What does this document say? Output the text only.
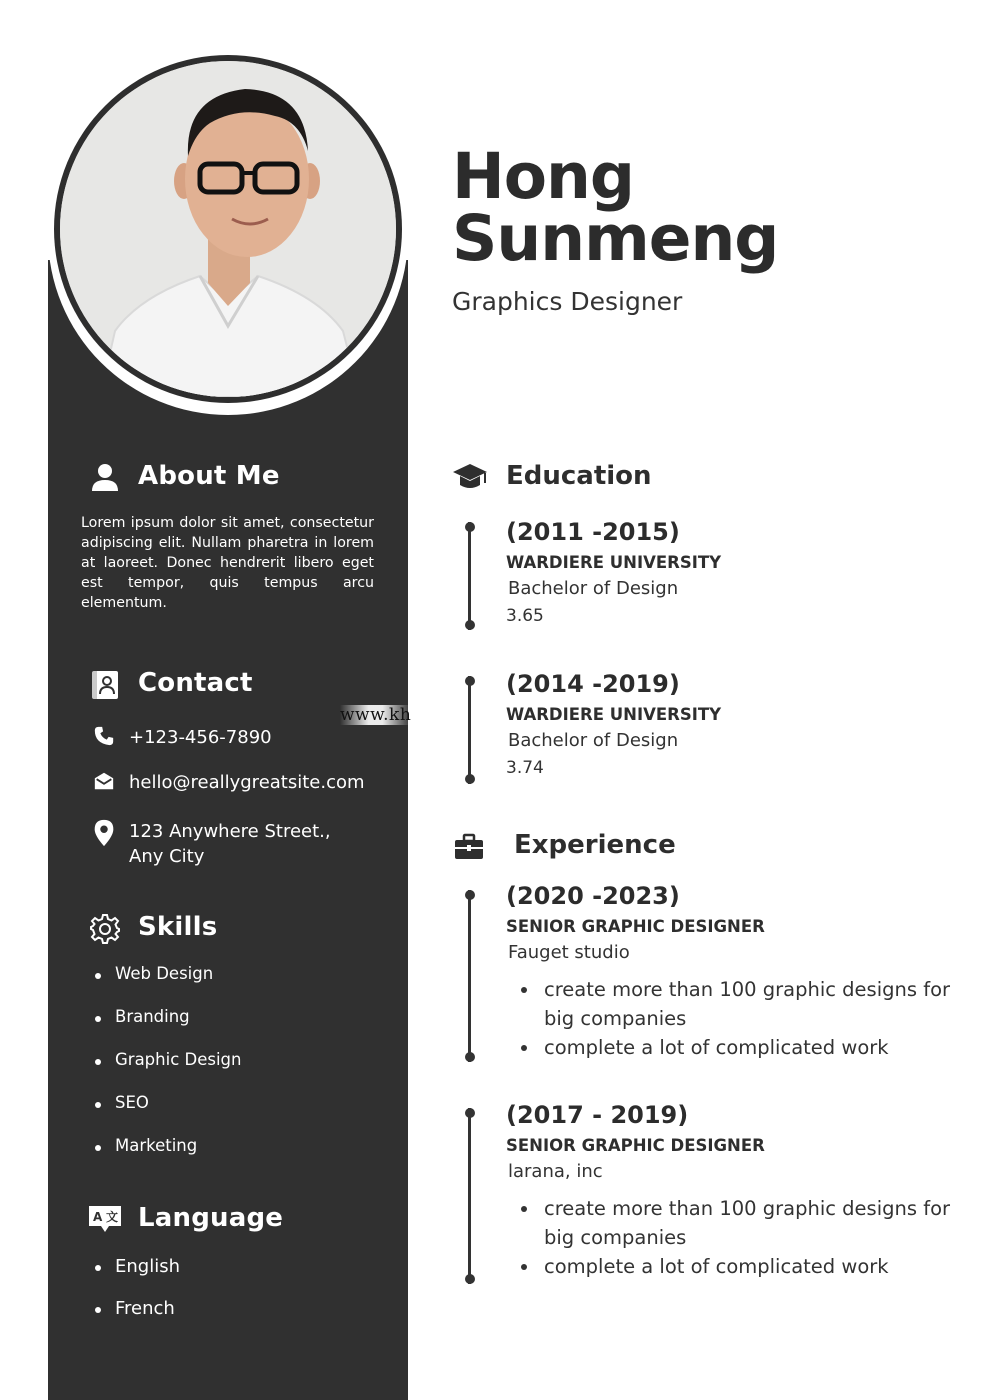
Hong
Sunmeng
Graphics Designer
About Me
Lorem ipsum dolor sit amet, consectetur adipiscing elit. Nullam pharetra in lorem at laoreet. Donec hendrerit libero eget est tempor, quis tempus arcu elementum.
Contact
+123-456-7890
hello@reallygreatsite.com
123 Anywhere Street., Any City
Skills
Web Design
Branding
Graphic Design
SEO
Marketing
A 文 Language
English
French
Education
(2011 -2015)
WARDIERE UNIVERSITY
Bachelor of Design
3.65
(2014 -2019)
WARDIERE UNIVERSITY
Bachelor of Design
3.74
Experience
(2020 -2023)
SENIOR GRAPHIC DESIGNER
Fauget studio
create more than 100 graphic designs for big companies
complete a lot of complicated work
(2017 - 2019)
SENIOR GRAPHIC DESIGNER
larana, inc
create more than 100 graphic designs for big companies
complete a lot of complicated work
www.kh
